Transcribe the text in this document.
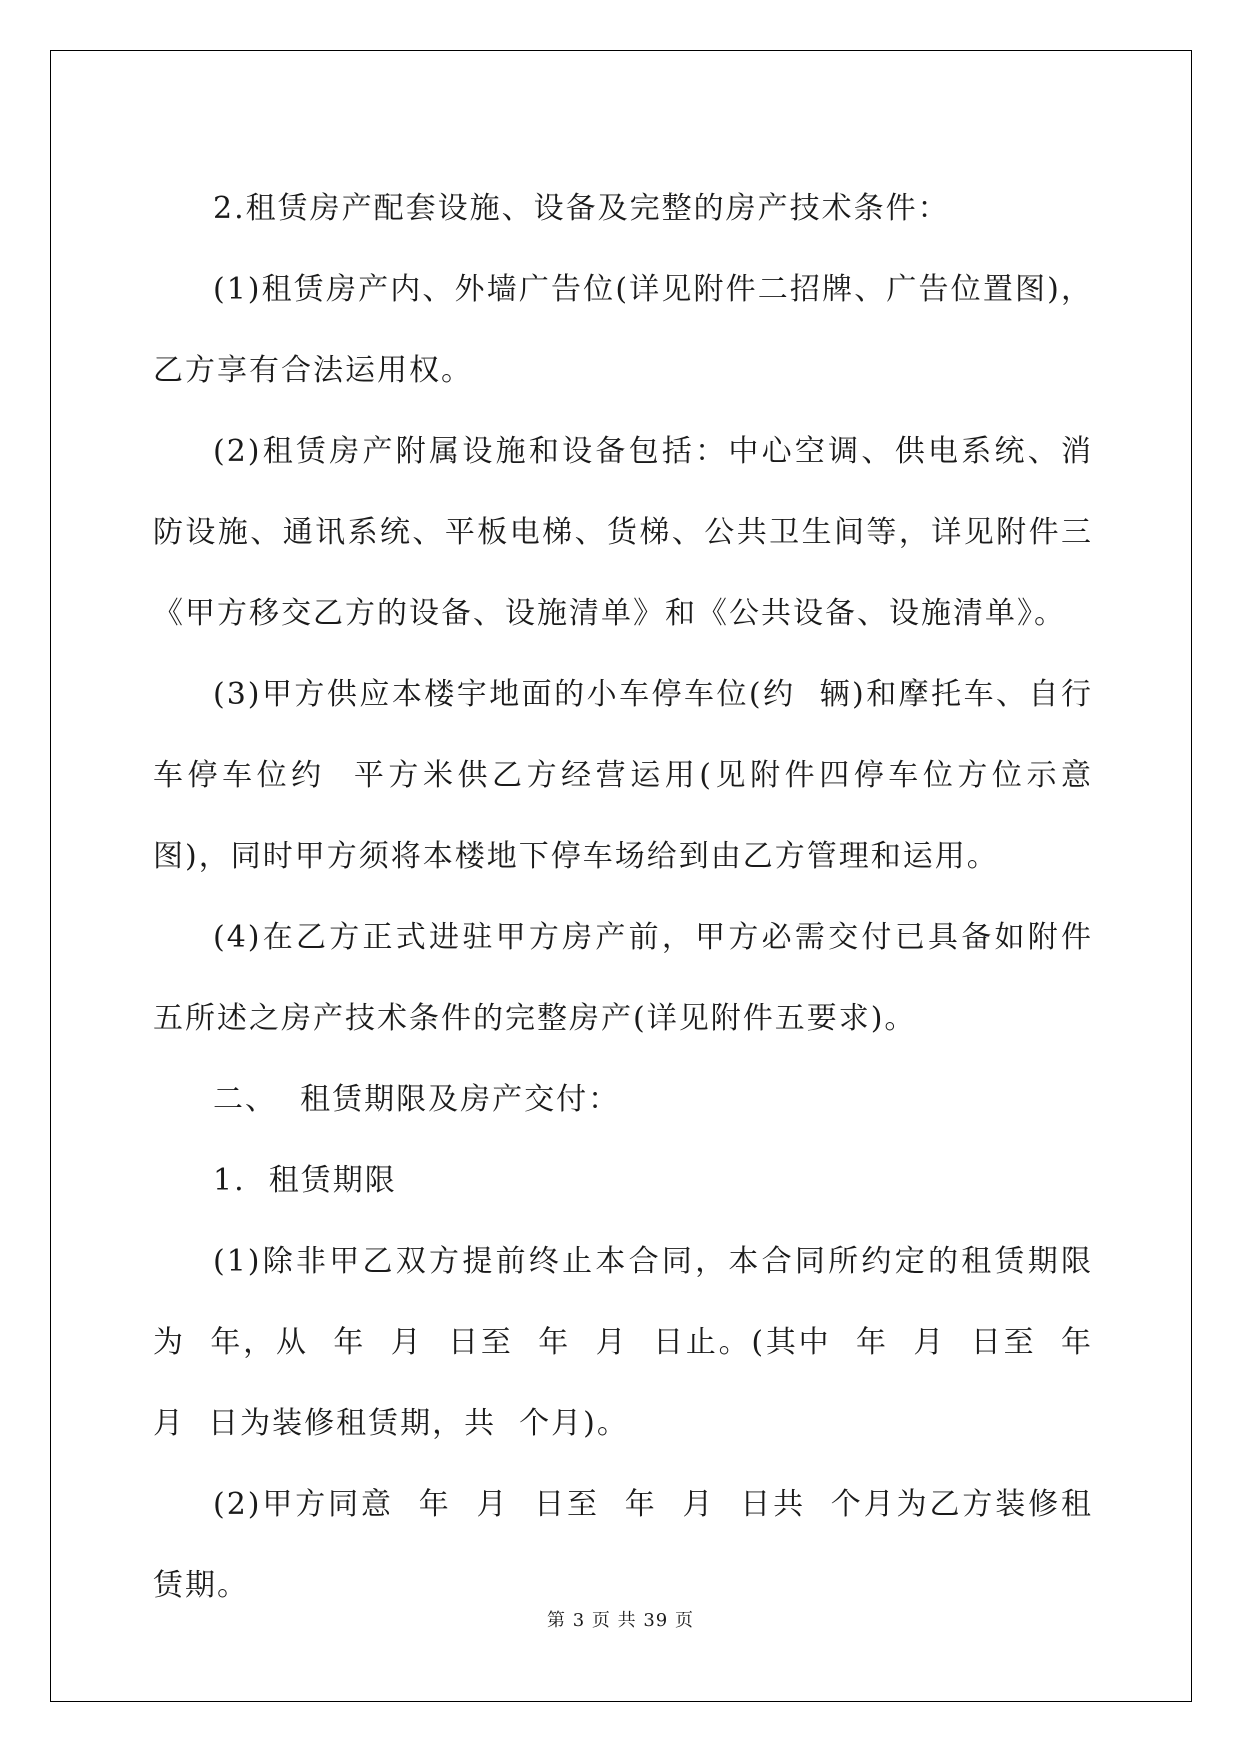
2.租赁房产配套设施、设备及完整的房产技术条件：

(1)租赁房产内、外墙广告位(详见附件二招牌、广告位置图)，乙方享有合法运用权。

(2)租赁房产附属设施和设备包括：中心空调、供电系统、消防设施、通讯系统、平板电梯、货梯、公共卫生间等，详见附件三《甲方移交乙方的设备、设施清单》和《公共设备、设施清单》。

(3)甲方供应本楼宇地面的小车停车位(约  辆)和摩托车、自行车停车位约  平方米供乙方经营运用(见附件四停车位方位示意图)，同时甲方须将本楼地下停车场给到由乙方管理和运用。

(4)在乙方正式进驻甲方房产前，甲方必需交付已具备如附件五所述之房产技术条件的完整房产(详见附件五要求)。

二、  租赁期限及房产交付：

1.  租赁期限

(1)除非甲乙双方提前终止本合同，本合同所约定的租赁期限为  年，从  年  月  日至  年  月  日止。(其中  年  月  日至  年  月  日为装修租赁期，共  个月)。

(2)甲方同意  年  月  日至  年  月  日共  个月为乙方装修租赁期。

第 3 页 共 39 页
